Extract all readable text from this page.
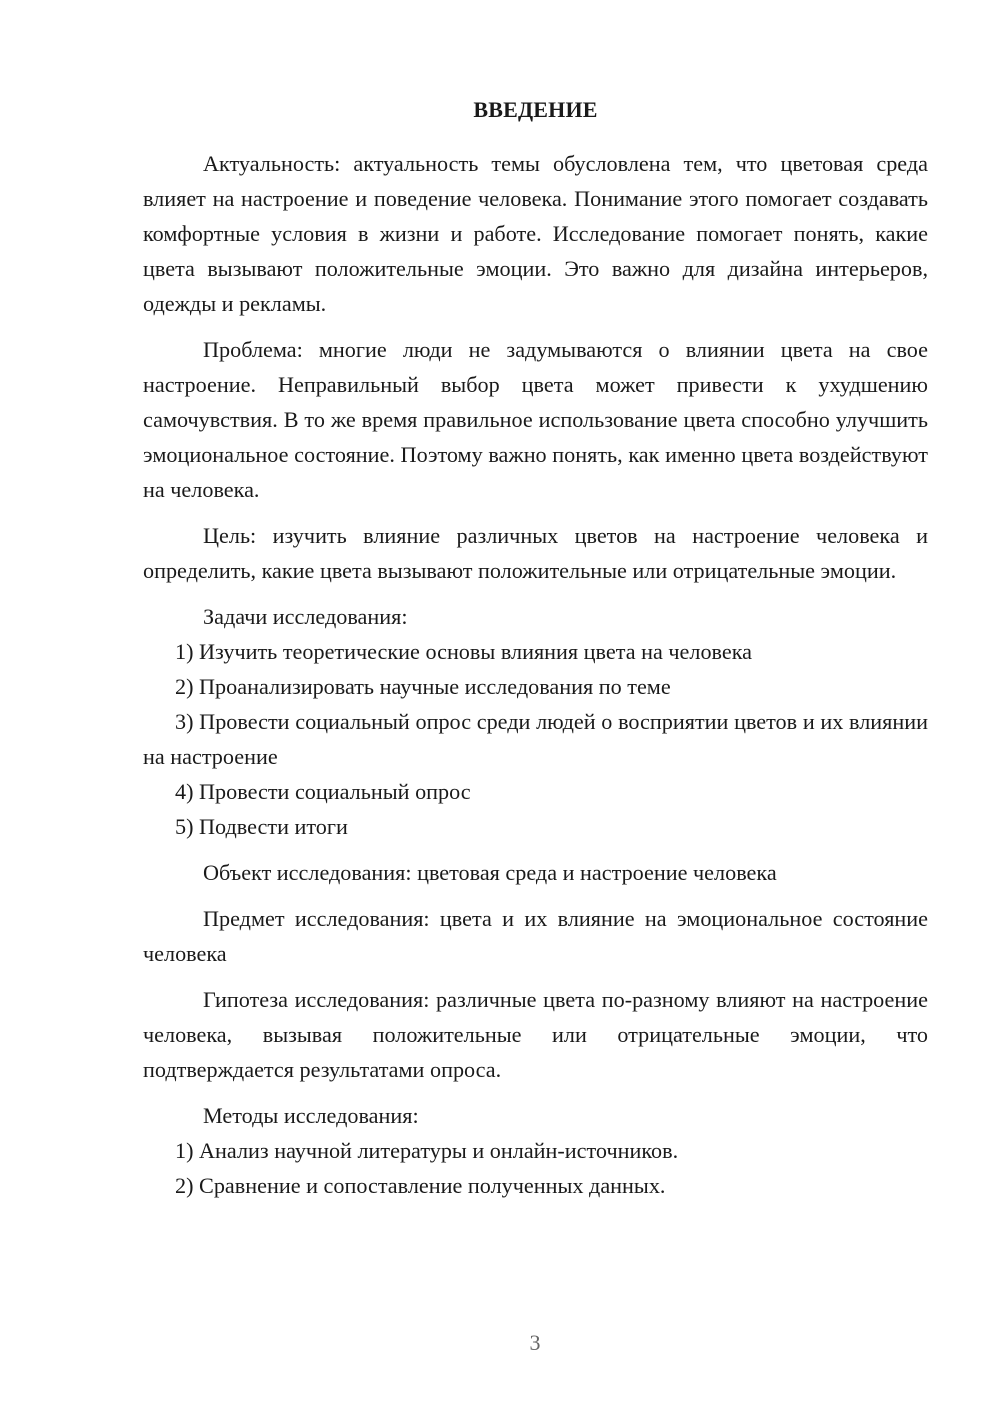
ВВЕДЕНИЕ

Актуальность: актуальность темы обусловлена тем, что цветовая среда влияет на настроение и поведение человека. Понимание этого помогает создавать комфортные условия в жизни и работе. Исследование помогает понять, какие цвета вызывают положительные эмоции. Это важно для дизайна интерьеров, одежды и рекламы.

Проблема: многие люди не задумываются о влиянии цвета на свое настроение. Неправильный выбор цвета может привести к ухудшению самочувствия. В то же время правильное использование цвета способно улучшить эмоциональное состояние. Поэтому важно понять, как именно цвета воздействуют на человека.

Цель: изучить влияние различных цветов на настроение человека и определить, какие цвета вызывают положительные или отрицательные эмоции.

Задачи исследования:

1) Изучить теоретические основы влияния цвета на человека

2) Проанализировать научные исследования по теме

3) Провести социальный опрос среди людей о восприятии цветов и их влиянии на настроение

4) Провести социальный опрос

5) Подвести итоги

Объект исследования: цветовая среда и настроение человека

Предмет исследования: цвета и их влияние на эмоциональное состояние человека

Гипотеза исследования: различные цвета по-разному влияют на настроение человека, вызывая положительные или отрицательные эмоции, что подтверждается результатами опроса.

Методы исследования:

1) Анализ научной литературы и онлайн-источников.

2) Сравнение и сопоставление полученных данных.

3
